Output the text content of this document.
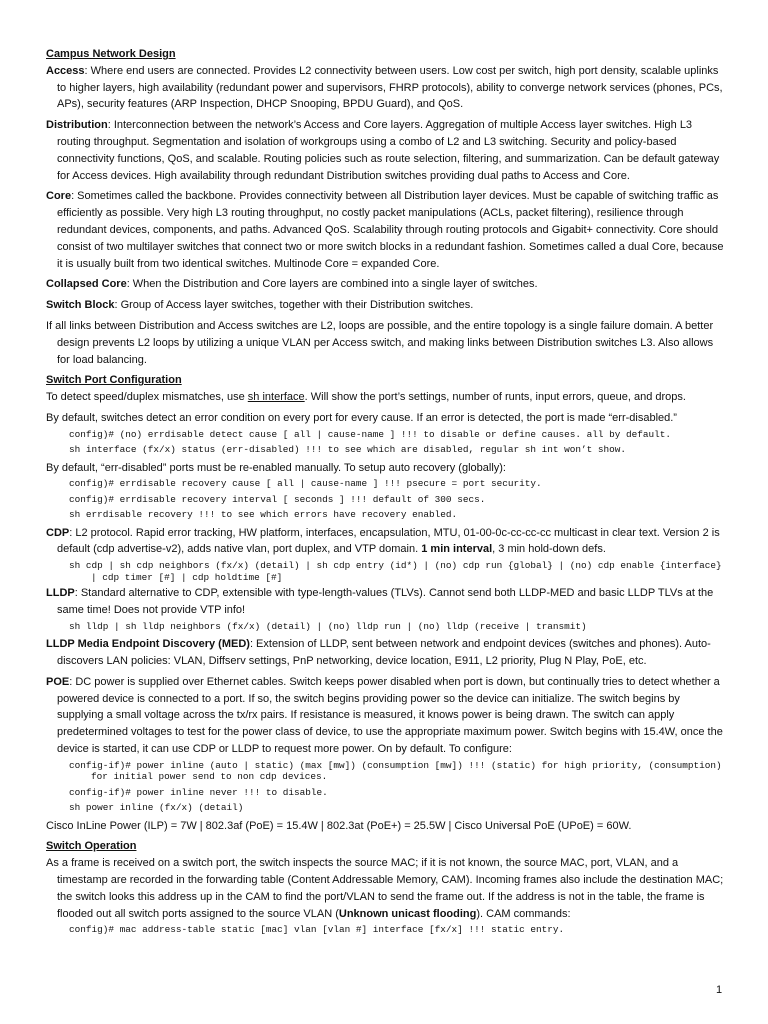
Campus Network Design

Access: Where end users are connected. Provides L2 connectivity between users. Low cost per switch, high port density, scalable uplinks to higher layers, high availability (redundant power and supervisors, FHRP protocols), ability to converge network services (phones, PCs, APs), security features (ARP Inspection, DHCP Snooping, BPDU Guard), and QoS.

Distribution: Interconnection between the network’s Access and Core layers. Aggregation of multiple Access layer switches. High L3 routing throughput. Segmentation and isolation of workgroups using a combo of L2 and L3 switching. Security and policy-based connectivity functions, QoS, and scalable. Routing policies such as route selection, filtering, and summarization. Can be default gateway for Access devices. High availability through redundant Distribution switches providing dual paths to Access and Core.

Core: Sometimes called the backbone. Provides connectivity between all Distribution layer devices. Must be capable of switching traffic as efficiently as possible. Very high L3 routing throughput, no costly packet manipulations (ACLs, packet filtering), resilience through redundant devices, components, and paths. Advanced QoS. Scalability through routing protocols and Gigabit+ connectivity. Core should consist of two multilayer switches that connect two or more switch blocks in a redundant fashion. Sometimes called a dual Core, because it is usually built from two identical switches. Multinode Core = expanded Core.

Collapsed Core: When the Distribution and Core layers are combined into a single layer of switches.

Switch Block: Group of Access layer switches, together with their Distribution switches.

If all links between Distribution and Access switches are L2, loops are possible, and the entire topology is a single failure domain. A better design prevents L2 loops by utilizing a unique VLAN per Access switch, and making links between Distribution switches L3. Also allows for load balancing.

Switch Port Configuration

To detect speed/duplex mismatches, use sh interface. Will show the port’s settings, number of runts, input errors, queue, and drops.

By default, switches detect an error condition on every port for every cause. If an error is detected, the port is made “err-disabled.”

config)# (no) errdisable detect cause [ all | cause-name ] !!! to disable or define causes. all by default.
sh interface (fx/x) status (err-disabled) !!! to see which are disabled, regular sh int won’t show.

By default, “err-disabled” ports must be re-enabled manually. To setup auto recovery (globally):

config)# errdisable recovery cause [ all | cause-name ] !!! psecure = port security.
config)# errdisable recovery interval [ seconds ] !!! default of 300 secs.
sh errdisable recovery !!! to see which errors have recovery enabled.

CDP: L2 protocol. Rapid error tracking, HW platform, interfaces, encapsulation, MTU, 01-00-0c-cc-cc-cc multicast in clear text. Version 2 is default (cdp advertise-v2), adds native vlan, port duplex, and VTP domain. 1 min interval, 3 min hold-down defs.

sh cdp | sh cdp neighbors (fx/x) (detail) | sh cdp entry (id*) | (no) cdp run {global} | (no) cdp enable {interface} | cdp timer [#] | cdp holdtime [#]

LLDP: Standard alternative to CDP, extensible with type-length-values (TLVs). Cannot send both LLDP-MED and basic LLDP TLVs at the same time! Does not provide VTP info!

sh lldp | sh lldp neighbors (fx/x) (detail) | (no) lldp run | (no) lldp (receive | transmit)

LLDP Media Endpoint Discovery (MED): Extension of LLDP, sent between network and endpoint devices (switches and phones). Auto-discovers LAN policies: VLAN, Diffserv settings, PnP networking, device location, E911, L2 priority, Plug N Play, PoE, etc.

POE: DC power is supplied over Ethernet cables. Switch keeps power disabled when port is down, but continually tries to detect whether a powered device is connected to a port. If so, the switch begins providing power so the device can initialize. The switch begins by supplying a small voltage across the tx/rx pairs. If resistance is measured, it knows power is being drawn. The switch can apply predetermined voltages to test for the power class of device, to use the appropriate maximum power. Switch begins with 15.4W, once the device is started, it can use CDP or LLDP to request more power. On by default. To configure:

config-if)# power inline (auto | static) (max [mw]) (consumption [mw]) !!! (static) for high priority, (consumption) for initial power send to non cdp devices.
config-if)# power inline never !!! to disable.
sh power inline (fx/x) (detail)

Cisco InLine Power (ILP) = 7W | 802.3af (PoE) = 15.4W | 802.3at (PoE+) = 25.5W | Cisco Universal PoE (UPoE) = 60W.

Switch Operation

As a frame is received on a switch port, the switch inspects the source MAC; if it is not known, the source MAC, port, VLAN, and a timestamp are recorded in the forwarding table (Content Addressable Memory, CAM). Incoming frames also include the destination MAC; the switch looks this address up in the CAM to find the port/VLAN to send the frame out. If the address is not in the table, the frame is flooded out all switch ports assigned to the source VLAN (Unknown unicast flooding). CAM commands:

config)# mac address-table static [mac] vlan [vlan #] interface [fx/x] !!! static entry.
1
